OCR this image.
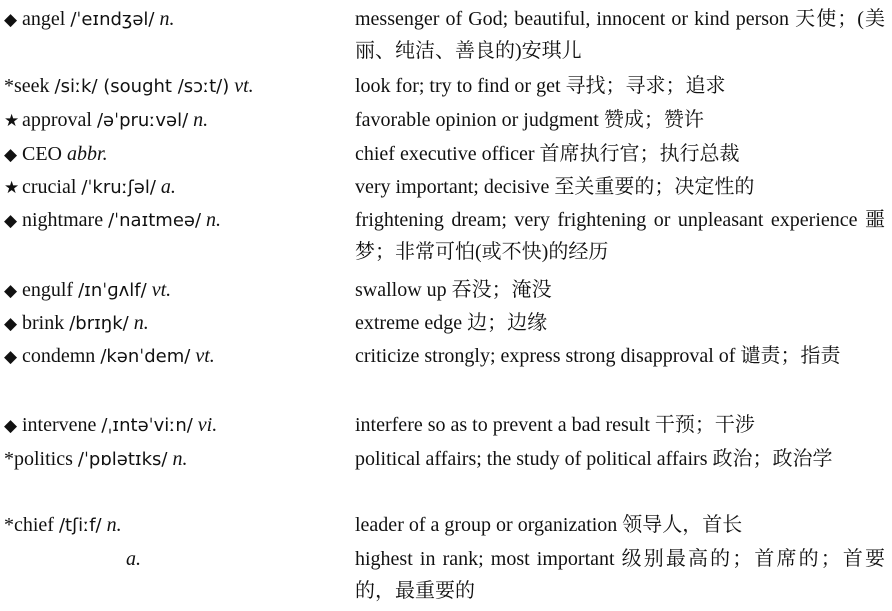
◆ angel /ˈeɪndʒəl/ n.	messenger of God; beautiful, innocent or kind person 天使；(美丽、纯洁、善良的)安琪儿
*seek /siːk/ (sought /sɔːt/) vt.	look for; try to find or get 寻找；寻求；追求
★ approval /əˈpruːvəl/ n.	favorable opinion or judgment 赞成；赞许
◆ CEO abbr.	chief executive officer 首席执行官；执行总裁
★ crucial /ˈkruːʃəl/ a.	very important; decisive 至关重要的；决定性的
◆ nightmare /ˈnaɪtmeə/ n.	frightening dream; very frightening or unpleasant experience 噩梦；非常可怕(或不快)的经历
◆ engulf /ɪnˈɡʌlf/ vt.	swallow up 吞没；淹没
◆ brink /brɪŋk/ n.	extreme edge 边；边缘
◆ condemn /kənˈdem/ vt.	criticize strongly; express strong disapproval of 谴责；指责
◆ intervene /ˌɪntəˈviːn/ vi.	interfere so as to prevent a bad result 干预；干涉
*politics /ˈpɒlətɪks/ n.	political affairs; the study of political affairs 政治；政治学
*chief /tʃiːf/ n.	leader of a group or organization 领导人，首长
a.	highest in rank; most important 级别最高的；首席的；首要的，最重要的
